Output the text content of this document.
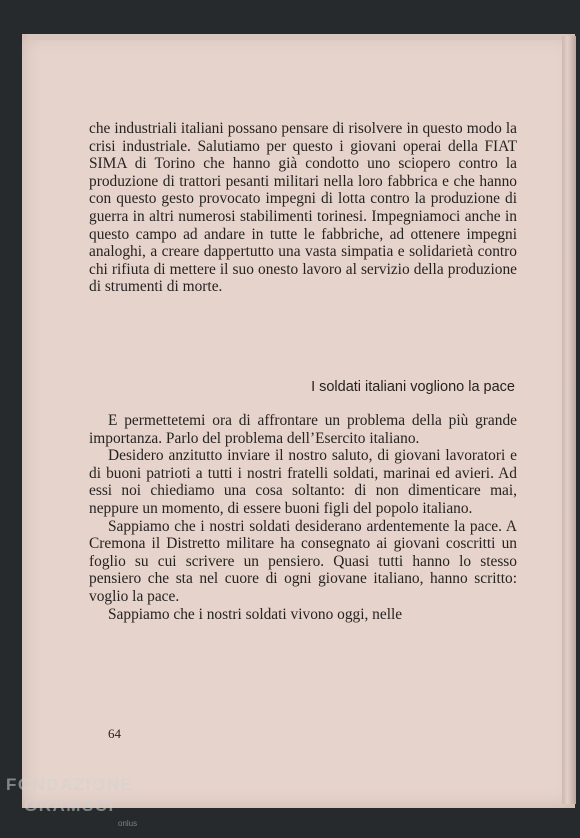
che industriali italiani possano pensare di risolvere in questo modo la crisi industriale. Salutiamo per questo i giovani operai della FIAT SIMA di Torino che hanno già condotto uno sciopero contro la produzione di trattori pesanti militari nella loro fabbrica e che hanno con questo gesto provocato impegni di lotta contro la produzione di guerra in altri numerosi stabilimenti torinesi. Impegniamoci anche in questo campo ad andare in tutte le fabbriche, ad ottenere impegni analoghi, a creare dappertutto una vasta simpatia e solidarietà contro chi rifiuta di mettere il suo onesto lavoro al servizio della produzione di strumenti di morte.

I soldati italiani vogliono la pace

E permettetemi ora di affrontare un problema della più grande importanza. Parlo del problema dell’Esercito italiano.

Desidero anzitutto inviare il nostro saluto, di giovani lavoratori e di buoni patrioti a tutti i nostri fratelli soldati, marinai ed avieri. Ad essi noi chiediamo una cosa soltanto: di non dimenticare mai, neppure un momento, di essere buoni figli del popolo italiano.

Sappiamo che i nostri soldati desiderano ardentemente la pace. A Cremona il Distretto militare ha consegnato ai giovani coscritti un foglio su cui scrivere un pensiero. Quasi tutti hanno lo stesso pensiero che sta nel cuore di ogni giovane italiano, hanno scritto: voglio la pace.

Sappiamo che i nostri soldati vivono oggi, nelle

64
FONDAZIONE
GRAMSCI
onlus
